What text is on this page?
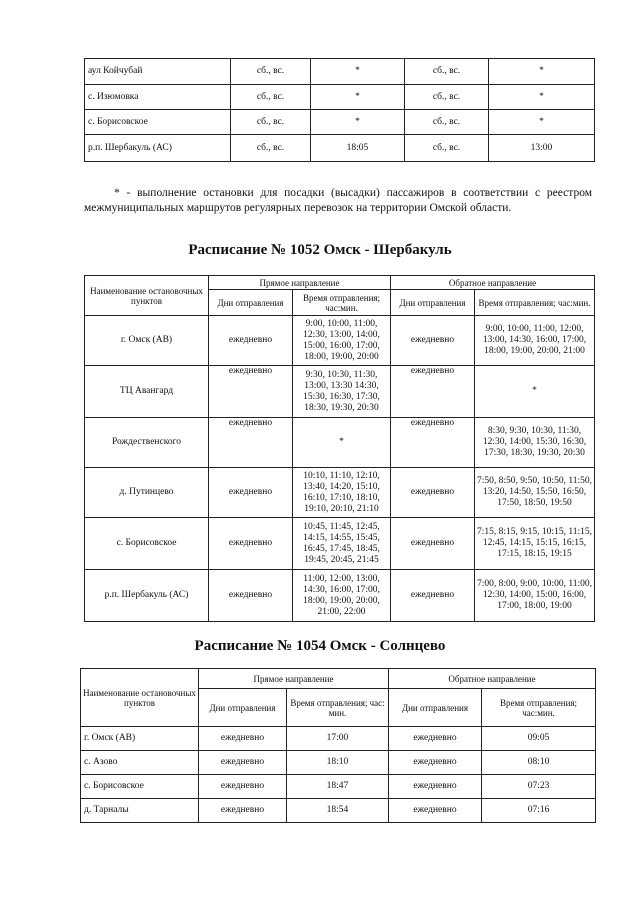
аул Койчубай	сб., вс.	*	сб., вс.	*
с. Изюмовка	сб., вс.	*	сб., вс.	*
с. Борисовское	сб., вс.	*	сб., вс.	*
р.п. Шербакуль (АС)	сб., вс.	18:05	сб., вс.	13:00
* - выполнение остановки для посадки (высадки) пассажиров в соответствии с реестром межмуниципальных маршрутов регулярных перевозок на территории Омской области.
Расписание № 1052 Омск - Шербакуль
Наименование остановочных пунктов	Прямое направление		Обратное направление	
	Дни отправления	Время отправления; час:мин.	Дни отправления	Время отправления; час:мин.
г. Омск (АВ)	ежедневно	9:00, 10:00, 11:00, 12:30, 13:00, 14:00, 15:00, 16:00, 17:00, 18:00, 19:00, 20:00	ежедневно	9:00, 10:00, 11:00, 12:00, 13:00, 14:30, 16:00, 17:00, 18:00, 19:00, 20:00, 21:00
ТЦ Авангард	ежедневно	9:30, 10:30, 11:30, 13:00, 13:30 14:30, 15:30, 16:30, 17:30, 18:30, 19:30, 20:30	ежедневно	*
Рождественского	ежедневно	*	ежедневно	8:30, 9:30, 10:30, 11:30, 12:30, 14:00, 15:30, 16:30, 17:30, 18:30, 19:30, 20:30
д. Путинцево	ежедневно	10:10, 11:10, 12:10, 13:40, 14:20, 15:10, 16:10, 17:10, 18:10, 19:10, 20:10, 21:10	ежедневно	7:50, 8:50, 9:50, 10:50, 11:50, 13:20, 14:50, 15:50, 16:50, 17:50, 18:50, 19:50
с. Борисовское	ежедневно	10:45, 11:45, 12:45, 14:15, 14:55, 15:45, 16:45, 17:45, 18:45, 19:45, 20:45, 21:45	ежедневно	7:15, 8:15, 9:15, 10:15, 11:15, 12:45, 14:15, 15:15, 16:15, 17:15, 18:15, 19:15
р.п. Шербакуль (АС)	ежедневно	11:00, 12:00, 13:00, 14:30, 16:00, 17:00, 18:00, 19:00, 20:00, 21:00, 22:00	ежедневно	7:00, 8:00, 9:00, 10:00, 11:00, 12:30, 14:00, 15:00, 16:00, 17:00, 18:00, 19:00
Расписание № 1054 Омск - Солнцево
Наименование остановочных пунктов	Прямое направление		Обратное направление	
	Дни отправления	Время отправления; час: мин.	Дни отправления	Время отправления; час:мин.
г. Омск (АВ)	ежедневно	17:00	ежедневно	09:05
с. Азово	ежедневно	18:10	ежедневно	08:10
с. Борисовское	ежедневно	18:47	ежедневно	07:23
д. Тарналы	ежедневно	18:54	ежедневно	07:16
